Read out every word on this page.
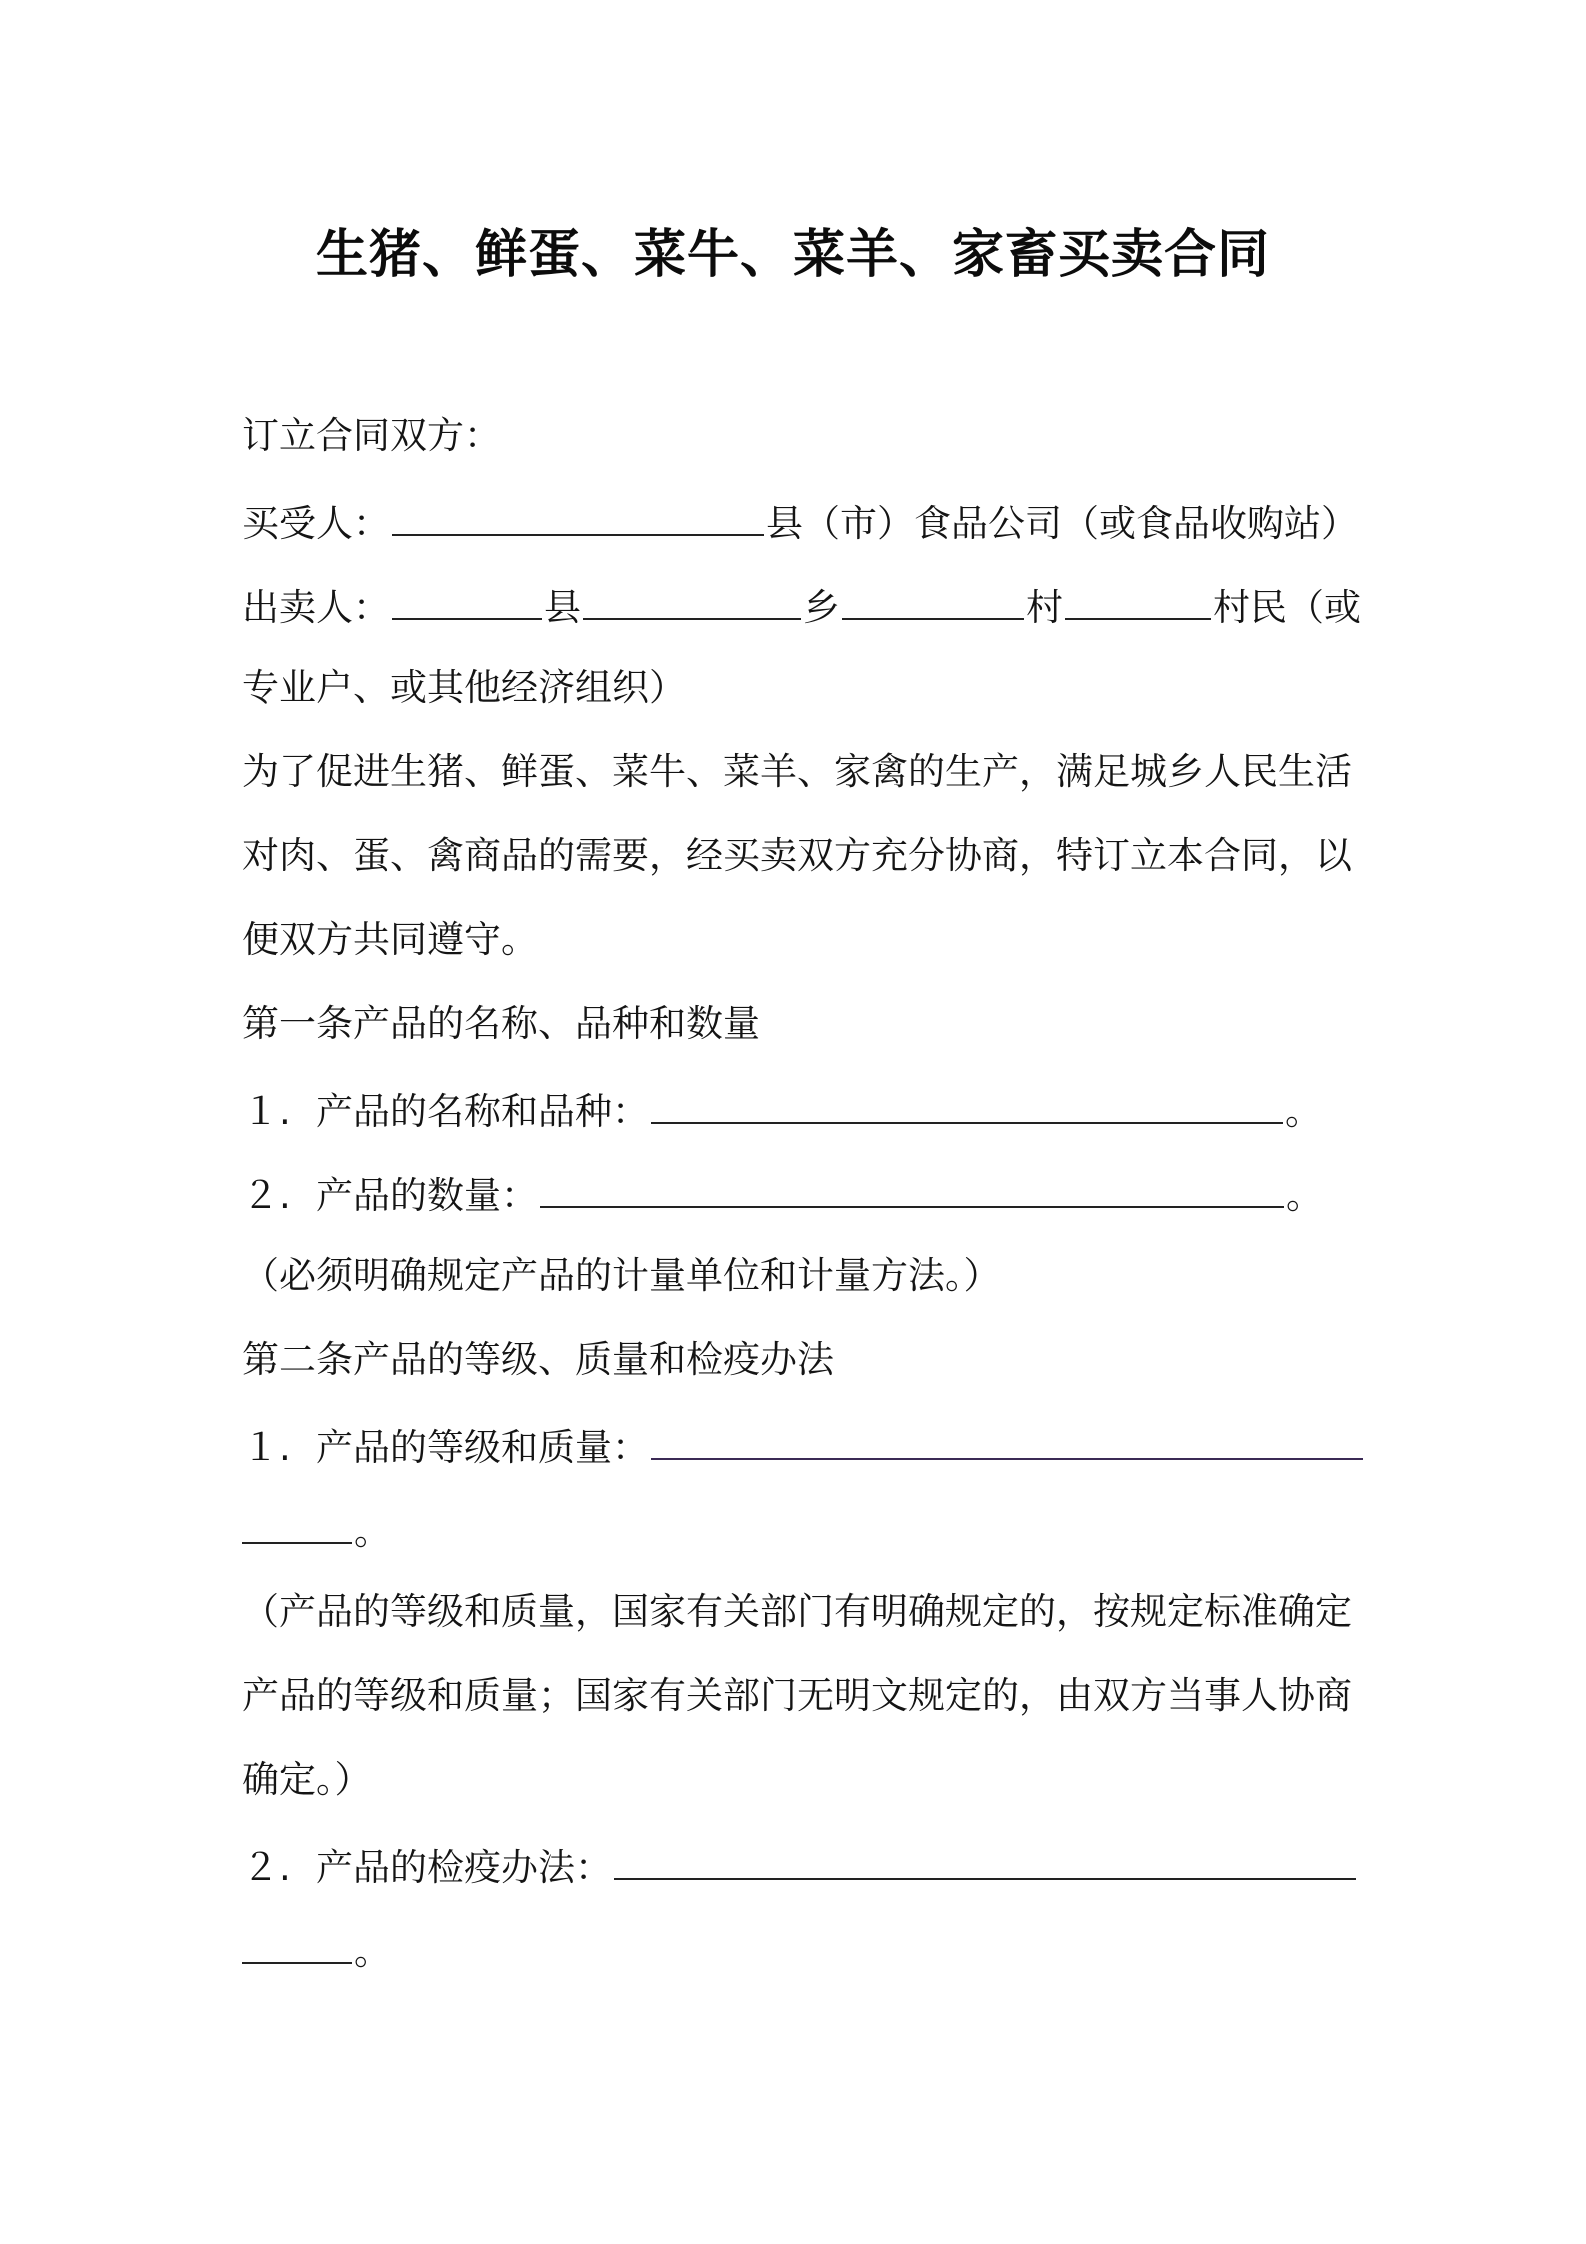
生猪、鲜蛋、菜牛、菜羊、家畜买卖合同
订立合同双方：
买受人：	县（市）食品公司（或食品收购站）
出卖人：	县	乡	村	村民（或
专业户、或其他经济组织）
为了促进生猪、鲜蛋、菜牛、菜羊、家禽的生产，满足城乡人民生活
对肉、蛋、禽商品的需要，经买卖双方充分协商，特订立本合同，以
便双方共同遵守。
第一条产品的名称、品种和数量
１. 产品的名称和品种：	。
２. 产品的数量：	。
（必须明确规定产品的计量单位和计量方法。）
第二条产品的等级、质量和检疫办法
１. 产品的等级和质量：
。
（产品的等级和质量，国家有关部门有明确规定的，按规定标准确定
产品的等级和质量；国家有关部门无明文规定的，由双方当事人协商
确定。）
２. 产品的检疫办法：
。
